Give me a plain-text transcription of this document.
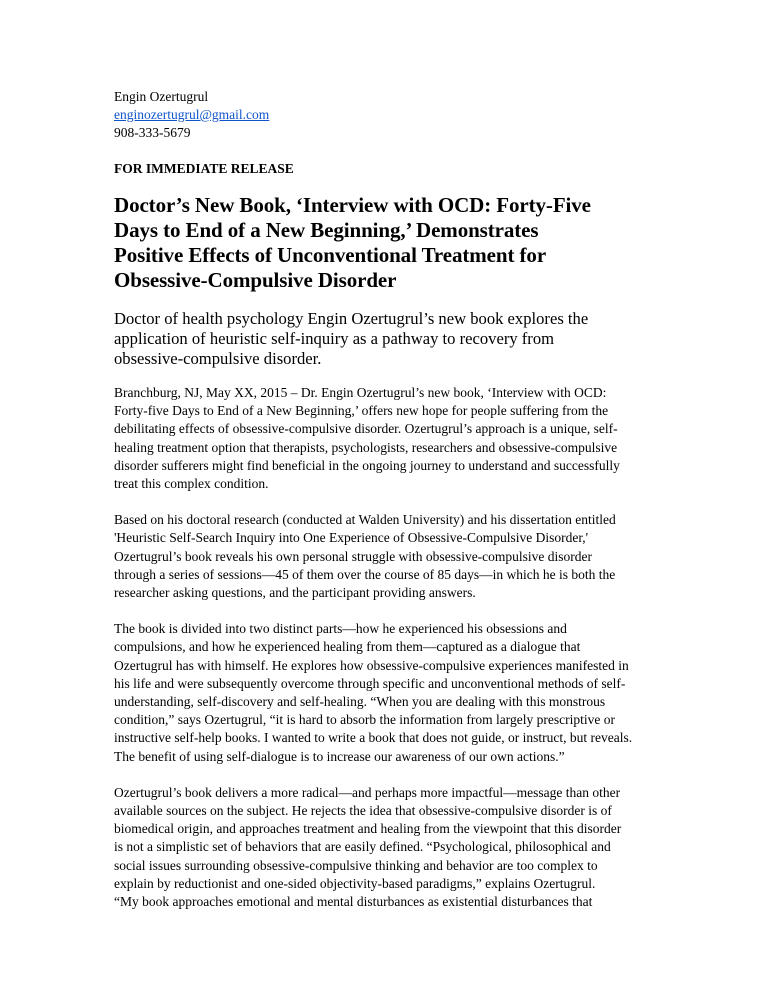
Engin Ozertugrul

enginozertugrul@gmail.com

908-333-5679

FOR IMMEDIATE RELEASE

Doctor’s New Book, ‘Interview with OCD: Forty-Five
Days to End of a New Beginning,’ Demonstrates
Positive Effects of Unconventional Treatment for
Obsessive-Compulsive Disorder
Doctor of health psychology Engin Ozertugrul’s new book explores the
application of heuristic self-inquiry as a pathway to recovery from
obsessive-compulsive disorder.
Branchburg, NJ, May XX, 2015 – Dr. Engin Ozertugrul’s new book, ‘Interview with OCD:
Forty-five Days to End of a New Beginning,’ offers new hope for people suffering from the
debilitating effects of obsessive-compulsive disorder. Ozertugrul’s approach is a unique, self-
healing treatment option that therapists, psychologists, researchers and obsessive-compulsive
disorder sufferers might find beneficial in the ongoing journey to understand and successfully
treat this complex condition.
Based on his doctoral research (conducted at Walden University) and his dissertation entitled
'Heuristic Self-Search Inquiry into One Experience of Obsessive-Compulsive Disorder,'
Ozertugrul’s book reveals his own personal struggle with obsessive-compulsive disorder
through a series of sessions—45 of them over the course of 85 days—in which he is both the
researcher asking questions, and the participant providing answers.
The book is divided into two distinct parts—how he experienced his obsessions and
compulsions, and how he experienced healing from them—captured as a dialogue that
Ozertugrul has with himself. He explores how obsessive-compulsive experiences manifested in
his life and were subsequently overcome through specific and unconventional methods of self-
understanding, self-discovery and self-healing. “When you are dealing with this monstrous
condition,” says Ozertugrul, “it is hard to absorb the information from largely prescriptive or
instructive self-help books. I wanted to write a book that does not guide, or instruct, but reveals.
The benefit of using self-dialogue is to increase our awareness of our own actions.”
Ozertugrul’s book delivers a more radical—and perhaps more impactful—message than other
available sources on the subject. He rejects the idea that obsessive-compulsive disorder is of
biomedical origin, and approaches treatment and healing from the viewpoint that this disorder
is not a simplistic set of behaviors that are easily defined. “Psychological, philosophical and
social issues surrounding obsessive-compulsive thinking and behavior are too complex to
explain by reductionist and one-sided objectivity-based paradigms,” explains Ozertugrul.
“My book approaches emotional and mental disturbances as existential disturbances that
